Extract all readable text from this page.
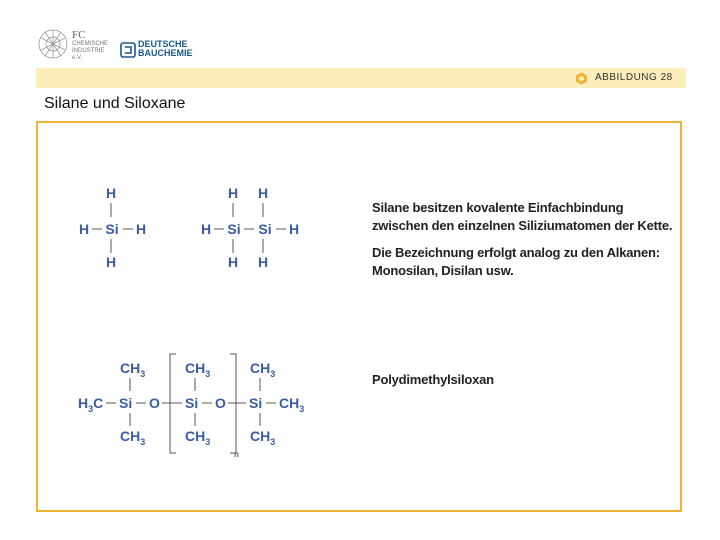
FC
CHEMISCHE
INDUSTRIE
e.V.
DEUTSCHE
BAUCHEMIE
ABBILDUNG 28
Silane und Siloxane
H
H Si H
H
H H
H Si Si H
H H
$CH_3$	$CH_3$	$CH_3$
$H_3C$ Si O Si O Si $CH_3$
$CH_3$	$CH_3$	$CH_3$
n
Silane besitzen kovalente Einfachbindung
zwischen den einzelnen Siliziumatomen der Kette.
Die Bezeichnung erfolgt analog zu den Alkanen:
Monosilan, Disilan usw.
Polydimethylsiloxan
